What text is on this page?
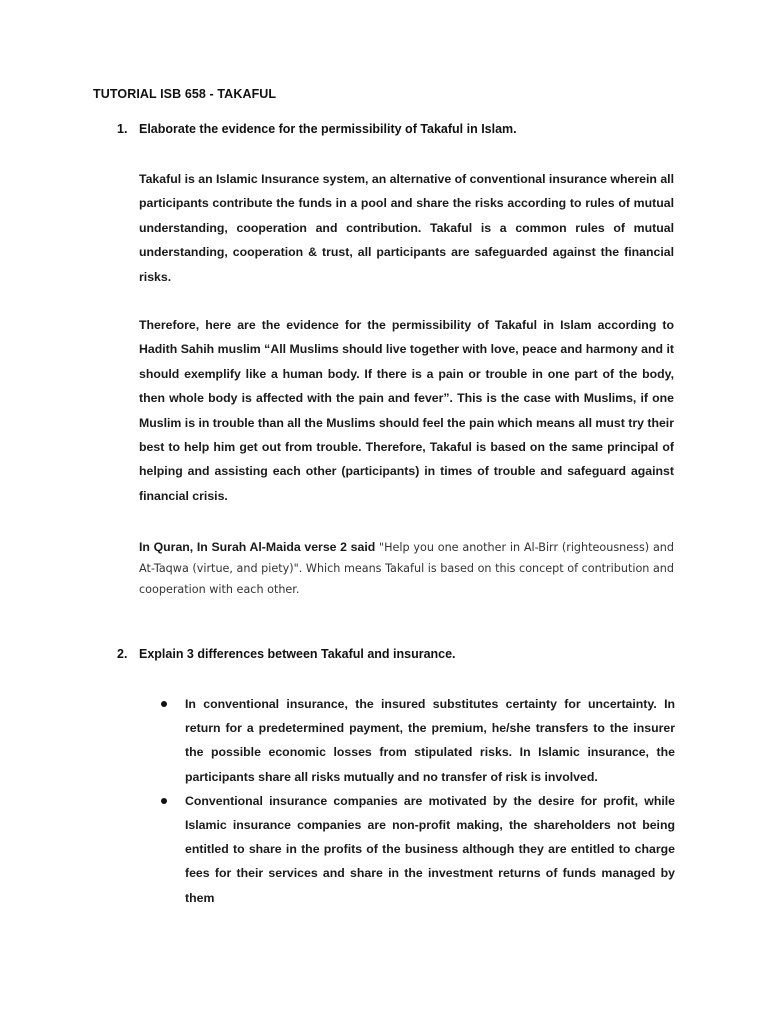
TUTORIAL ISB 658 - TAKAFUL
1. Elaborate the evidence for the permissibility of Takaful in Islam.

Takaful is an Islamic Insurance system, an alternative of conventional insurance wherein all participants contribute the funds in a pool and share the risks according to rules of mutual understanding, cooperation and contribution. Takaful is a common rules of mutual understanding, cooperation & trust, all participants are safeguarded against the financial risks.

Therefore, here are the evidence for the permissibility of Takaful in Islam according to Hadith Sahih muslim “All Muslims should live together with love, peace and harmony and it should exemplify like a human body. If there is a pain or trouble in one part of the body, then whole body is affected with the pain and fever”. This is the case with Muslims, if one Muslim is in trouble than all the Muslims should feel the pain which means all must try their best to help him get out from trouble. Therefore, Takaful is based on the same principal of helping and assisting each other (participants) in times of trouble and safeguard against financial crisis.

In Quran, In Surah Al-Maida verse 2 said "Help you one another in Al-Birr (righteousness) and At-Taqwa (virtue, and piety)". Which means Takaful is based on this concept of contribution and cooperation with each other.

2. Explain 3 differences between Takaful and insurance.
In conventional insurance, the insured substitutes certainty for uncertainty. In return for a predetermined payment, the premium, he/she transfers to the insurer the possible economic losses from stipulated risks. In Islamic insurance, the participants share all risks mutually and no transfer of risk is involved.
Conventional insurance companies are motivated by the desire for profit, while Islamic insurance companies are non-profit making, the shareholders not being entitled to share in the profits of the business although they are entitled to charge fees for their services and share in the investment returns of funds managed by them
